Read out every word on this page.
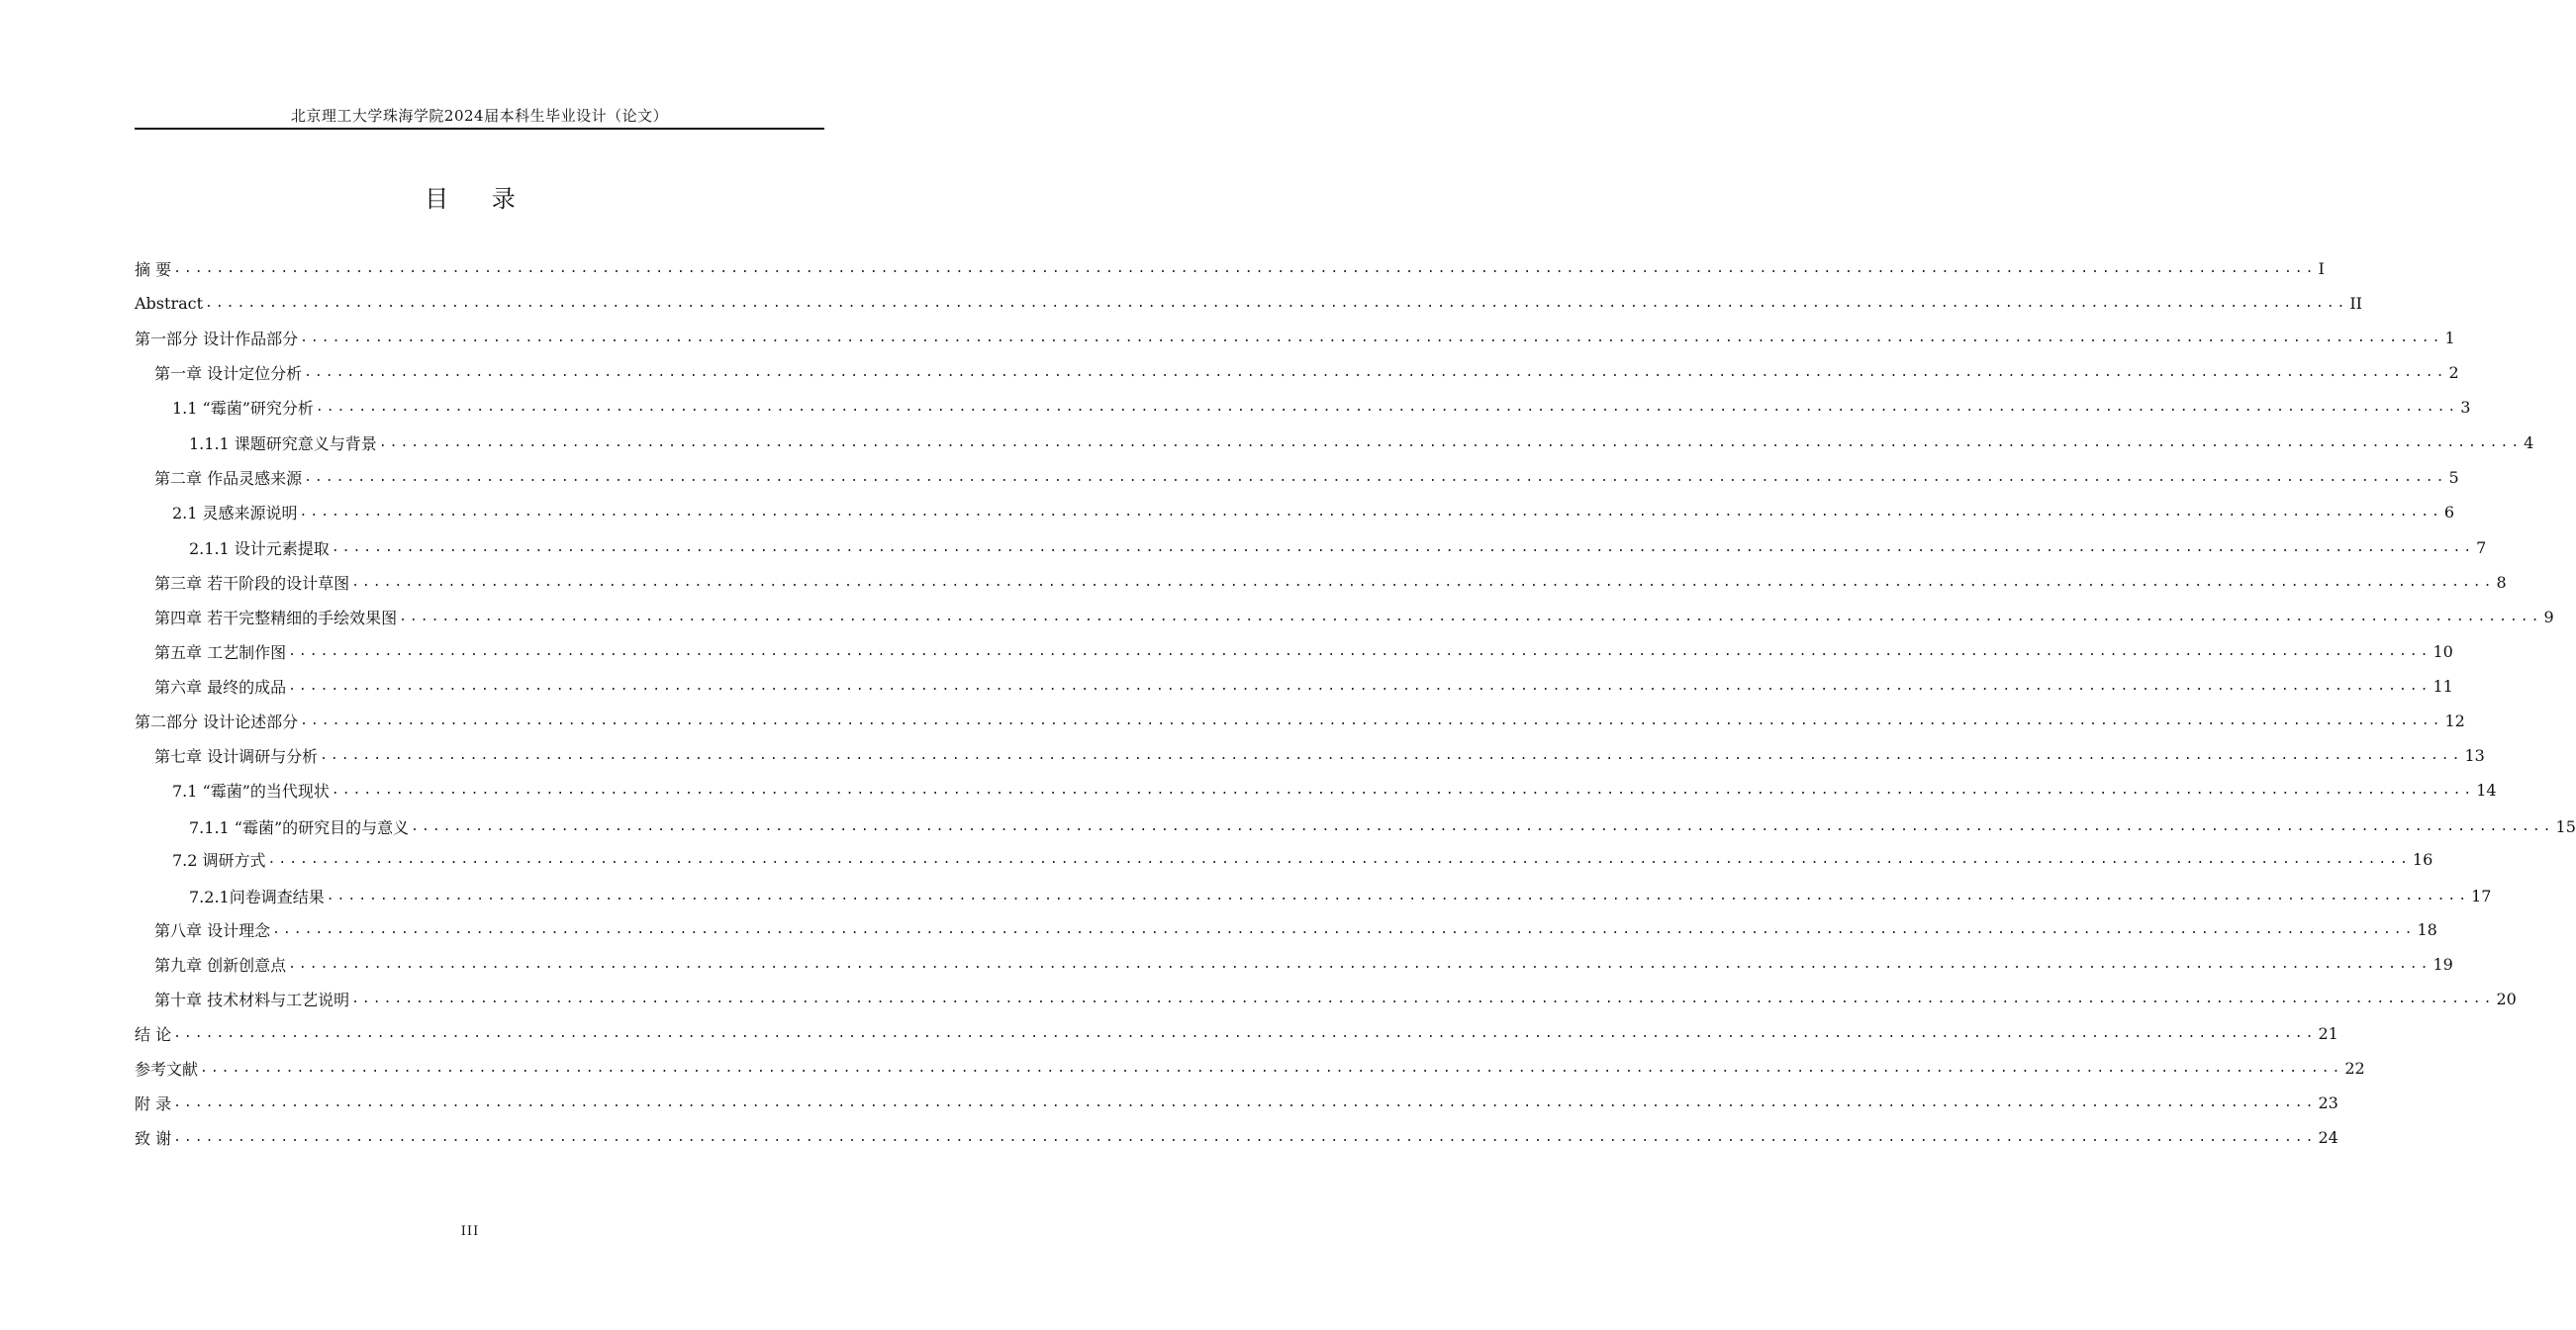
北京理工大学珠海学院2024届本科生毕业设计（论文）
目 录
摘 要 ........................................................................................................................................................................................................ I
Abstract ........................................................................................................................................................................................................ II
第一部分 设计作品部分 ........................................................................................................................................................................................................ 1
第一章 设计定位分析 ........................................................................................................................................................................................................ 2
1.1 “霉菌”研究分析 ........................................................................................................................................................................................................ 3
1.1.1 课题研究意义与背景 ........................................................................................................................................................................................................ 4
第二章 作品灵感来源 ........................................................................................................................................................................................................ 5
2.1 灵感来源说明 ........................................................................................................................................................................................................ 6
2.1.1 设计元素提取 ........................................................................................................................................................................................................ 7
第三章 若干阶段的设计草图 ........................................................................................................................................................................................................ 8
第四章 若干完整精细的手绘效果图 ........................................................................................................................................................................................................ 9
第五章 工艺制作图 ........................................................................................................................................................................................................ 10
第六章 最终的成品 ........................................................................................................................................................................................................ 11
第二部分 设计论述部分 ........................................................................................................................................................................................................ 12
第七章 设计调研与分析 ........................................................................................................................................................................................................ 13
7.1 “霉菌”的当代现状 ........................................................................................................................................................................................................ 14
7.1.1 “霉菌”的研究目的与意义 ........................................................................................................................................................................................................ 15
7.2 调研方式 ........................................................................................................................................................................................................ 16
7.2.1问卷调查结果 ........................................................................................................................................................................................................ 17
第八章 设计理念 ........................................................................................................................................................................................................ 18
第九章 创新创意点 ........................................................................................................................................................................................................ 19
第十章 技术材料与工艺说明 ........................................................................................................................................................................................................ 20
结 论 ........................................................................................................................................................................................................ 21
参考文献 ........................................................................................................................................................................................................ 22
附 录 ........................................................................................................................................................................................................ 23
致 谢 ........................................................................................................................................................................................................ 24
III
